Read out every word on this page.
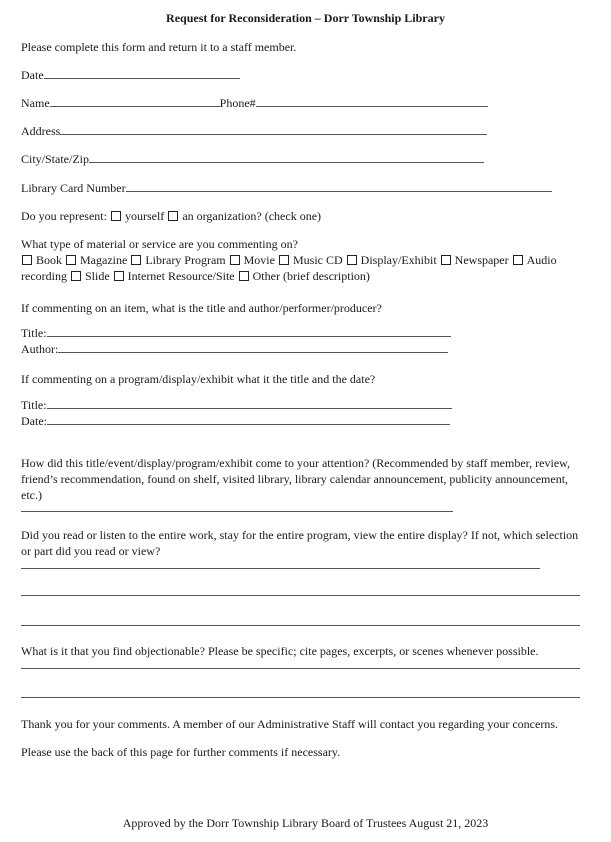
Request for Reconsideration – Dorr Township Library
Please complete this form and return it to a staff member.
Date
Name	Phone#
Address
City/State/Zip
Library Card Number
Do you represent: yourself an organization? (check one)
What type of material or service are you commenting on?
Book Magazine Library Program Movie Music CD Display/Exhibit Newspaper Audio recording Slide Internet Resource/Site Other (brief description)
If commenting on an item, what is the title and author/performer/producer?
Title:
Author:
If commenting on a program/display/exhibit what it the title and the date?
Title:
Date:
How did this title/event/display/program/exhibit come to your attention? (Recommended by staff member, review, friend’s recommendation, found on shelf, visited library, library calendar announcement, publicity announcement, etc.)
Did you read or listen to the entire work, stay for the entire program, view the entire display? If not, which selection or part did you read or view?
What is it that you find objectionable? Please be specific; cite pages, excerpts, or scenes whenever possible.
Thank you for your comments. A member of our Administrative Staff will contact you regarding your concerns.
Please use the back of this page for further comments if necessary.
Approved by the Dorr Township Library Board of Trustees August 21, 2023
